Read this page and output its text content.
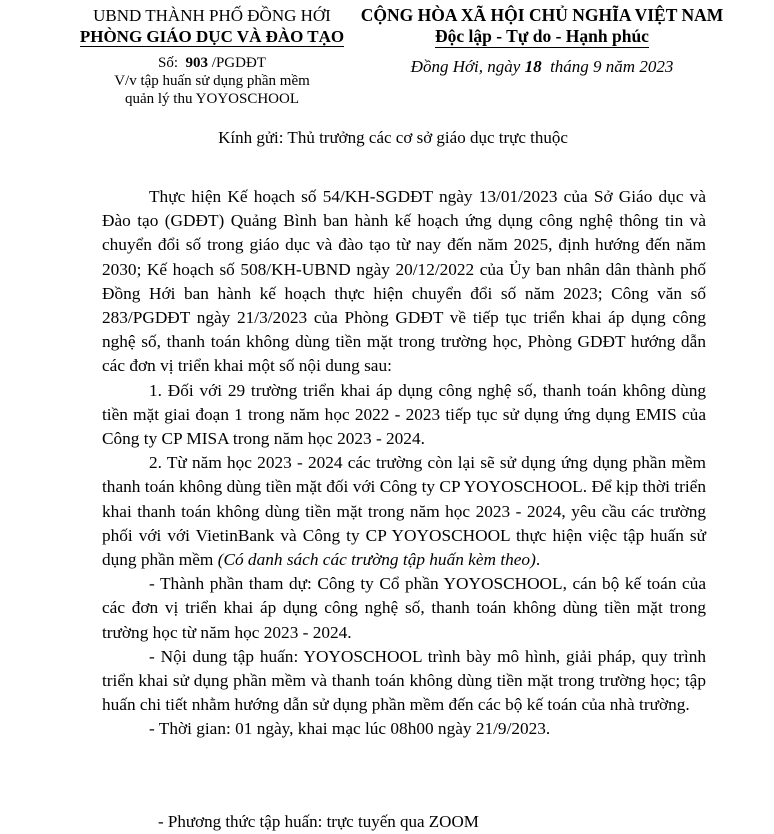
UBND THÀNH PHỐ ĐỒNG HỚI
PHÒNG GIÁO DỤC VÀ ĐÀO TẠO
Số: 903 /PGDĐT
V/v tập huấn sử dụng phần mềm
quản lý thu YOYOSCHOOL
CỘNG HÒA XÃ HỘI CHỦ NGHĨA VIỆT NAM
Độc lập - Tự do - Hạnh phúc
Đồng Hới, ngày 18 tháng 9 năm 2023
Kính gửi: Thủ trưởng các cơ sở giáo dục trực thuộc

Thực hiện Kế hoạch số 54/KH-SGDĐT ngày 13/01/2023 của Sở Giáo dục và Đào tạo (GDĐT) Quảng Bình ban hành kế hoạch ứng dụng công nghệ thông tin và chuyển đổi số trong giáo dục và đào tạo từ nay đến năm 2025, định hướng đến năm 2030; Kế hoạch số 508/KH-UBND ngày 20/12/2022 của Ủy ban nhân dân thành phố Đồng Hới ban hành kế hoạch thực hiện chuyển đổi số năm 2023; Công văn số 283/PGDĐT ngày 21/3/2023 của Phòng GDĐT về tiếp tục triển khai áp dụng công nghệ số, thanh toán không dùng tiền mặt trong trường học, Phòng GDĐT hướng dẫn các đơn vị triển khai một số nội dung sau:

1. Đối với 29 trường triển khai áp dụng công nghệ số, thanh toán không dùng tiền mặt giai đoạn 1 trong năm học 2022 - 2023 tiếp tục sử dụng ứng dụng EMIS của Công ty CP MISA trong năm học 2023 - 2024.

2. Từ năm học 2023 - 2024 các trường còn lại sẽ sử dụng ứng dụng phần mềm thanh toán không dùng tiền mặt đối với Công ty CP YOYOSCHOOL. Để kịp thời triển khai thanh toán không dùng tiền mặt trong năm học 2023 - 2024, yêu cầu các trường phối với với VietinBank và Công ty CP YOYOSCHOOL thực hiện việc tập huấn sử dụng phần mềm (Có danh sách các trường tập huấn kèm theo).

- Thành phần tham dự: Công ty Cổ phần YOYOSCHOOL, cán bộ kế toán của các đơn vị triển khai áp dụng công nghệ số, thanh toán không dùng tiền mặt trong trường học từ năm học 2023 - 2024.

- Nội dung tập huấn: YOYOSCHOOL trình bày mô hình, giải pháp, quy trình triển khai sử dụng phần mềm và thanh toán không dùng tiền mặt trong trường học; tập huấn chi tiết nhằm hướng dẫn sử dụng phần mềm đến các bộ kế toán của nhà trường.

- Thời gian: 01 ngày, khai mạc lúc 08h00 ngày 21/9/2023.

- Phương thức tập huấn: trực tuyến qua ZOOM
